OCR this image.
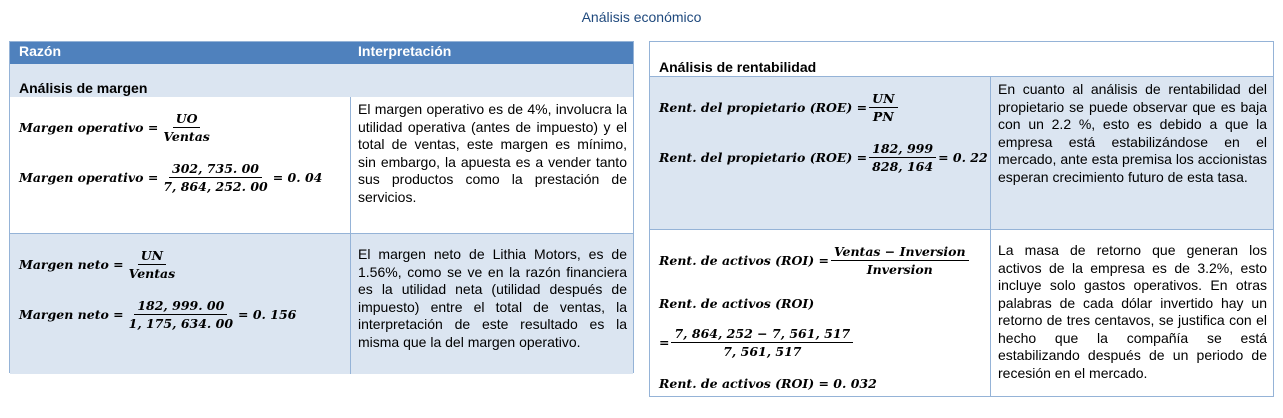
Análisis económico
Razón	Interpretación
Análisis de margen
Margen operativo = $\frac{UO}{\text{Ventas}}$
Margen operativo = $\frac{302, 735. 00}{7, 864, 252. 00} = 0$. 04
El margen operativo es de 4%, involucra la utilidad operativa (antes de impuesto) y el total de ventas, este margen es mínimo, sin embargo, la apuesta es a vender tanto sus productos como la prestación de servicios.
Margen neto = $\frac{UN}{\text{Ventas}}$
Margen neto = $\frac{182, 999. 00}{1, 175, 634. 00} = 0$. 156
El margen neto de Lithia Motors, es de 1.56%, como se ve en la razón financiera es la utilidad neta (utilidad después de impuesto) entre el total de ventas, la interpretación de este resultado es la misma que la del margen operativo.
Análisis de rentabilidad
Rent. del propietario $(ROE) = \frac{UN}{PN}$
Rent. del propietario $(ROE) = \frac{182, 999}{828, 164} = 0$. 22
En cuanto al análisis de rentabilidad del propietario se puede observar que es baja con un 2.2 %, esto es debido a que la empresa está estabilizándose en el mercado, ante esta premisa los accionistas esperan crecimiento futuro de esta tasa.
Rent. de activos $(ROI) = \frac{\text{Ventas − Inversion}}{\text{Inversion}}$
Rent. de activos (ROI)
= $\frac{7, 864, 252 - 7, 561, 517}{7, 561, 517}$
Rent. de activos (ROI) = 0. 032
La masa de retorno que generan los activos de la empresa es de 3.2%, esto incluye solo gastos operativos. En otras palabras de cada dólar invertido hay un retorno de tres centavos, se justifica con el hecho que la compañía se está estabilizando después de un periodo de recesión en el mercado.
